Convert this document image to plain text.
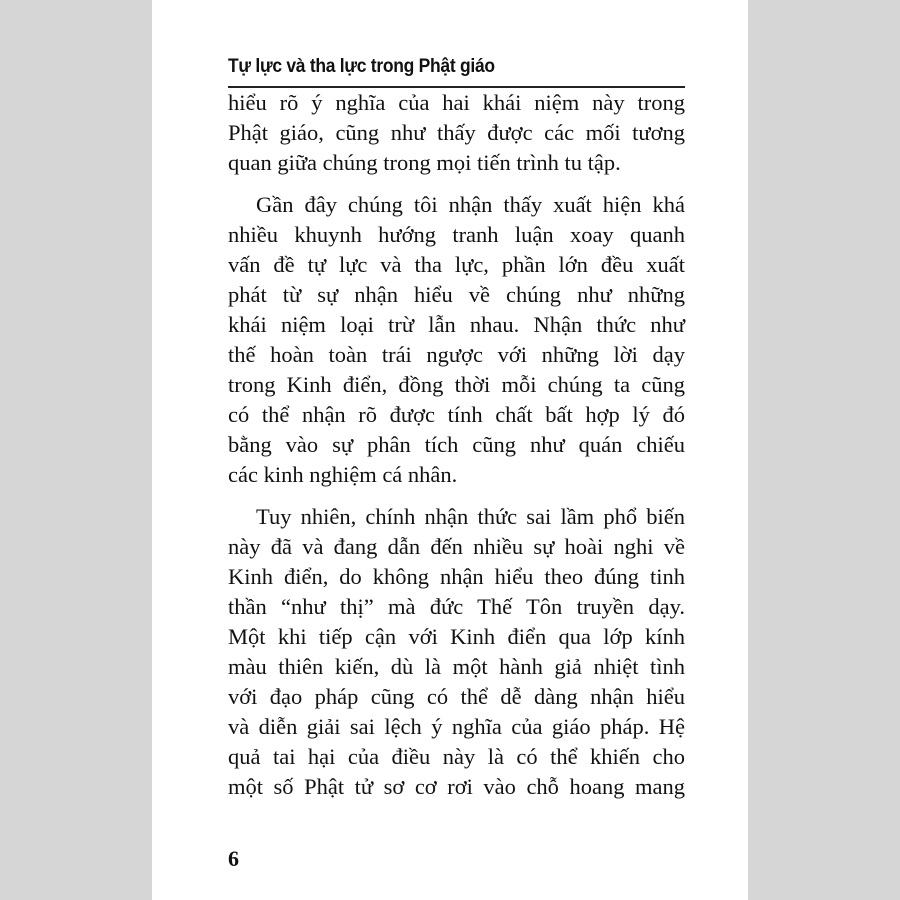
Tự lực và tha lực trong Phật giáo
hiểu rõ ý nghĩa của hai khái niệm này trong
Phật giáo, cũng như thấy được các mối tương
quan giữa chúng trong mọi tiến trình tu tập.
Gần đây chúng tôi nhận thấy xuất hiện khá
nhiều khuynh hướng tranh luận xoay quanh
vấn đề tự lực và tha lực, phần lớn đều xuất
phát từ sự nhận hiểu về chúng như những
khái niệm loại trừ lẫn nhau. Nhận thức như
thế hoàn toàn trái ngược với những lời dạy
trong Kinh điển, đồng thời mỗi chúng ta cũng
có thể nhận rõ được tính chất bất hợp lý đó
bằng vào sự phân tích cũng như quán chiếu
các kinh nghiệm cá nhân.
Tuy nhiên, chính nhận thức sai lầm phổ biến
này đã và đang dẫn đến nhiều sự hoài nghi về
Kinh điển, do không nhận hiểu theo đúng tinh
thần “như thị” mà đức Thế Tôn truyền dạy.
Một khi tiếp cận với Kinh điển qua lớp kính
màu thiên kiến, dù là một hành giả nhiệt tình
với đạo pháp cũng có thể dễ dàng nhận hiểu
và diễn giải sai lệch ý nghĩa của giáo pháp. Hệ
quả tai hại của điều này là có thể khiến cho
một số Phật tử sơ cơ rơi vào chỗ hoang mang
6
